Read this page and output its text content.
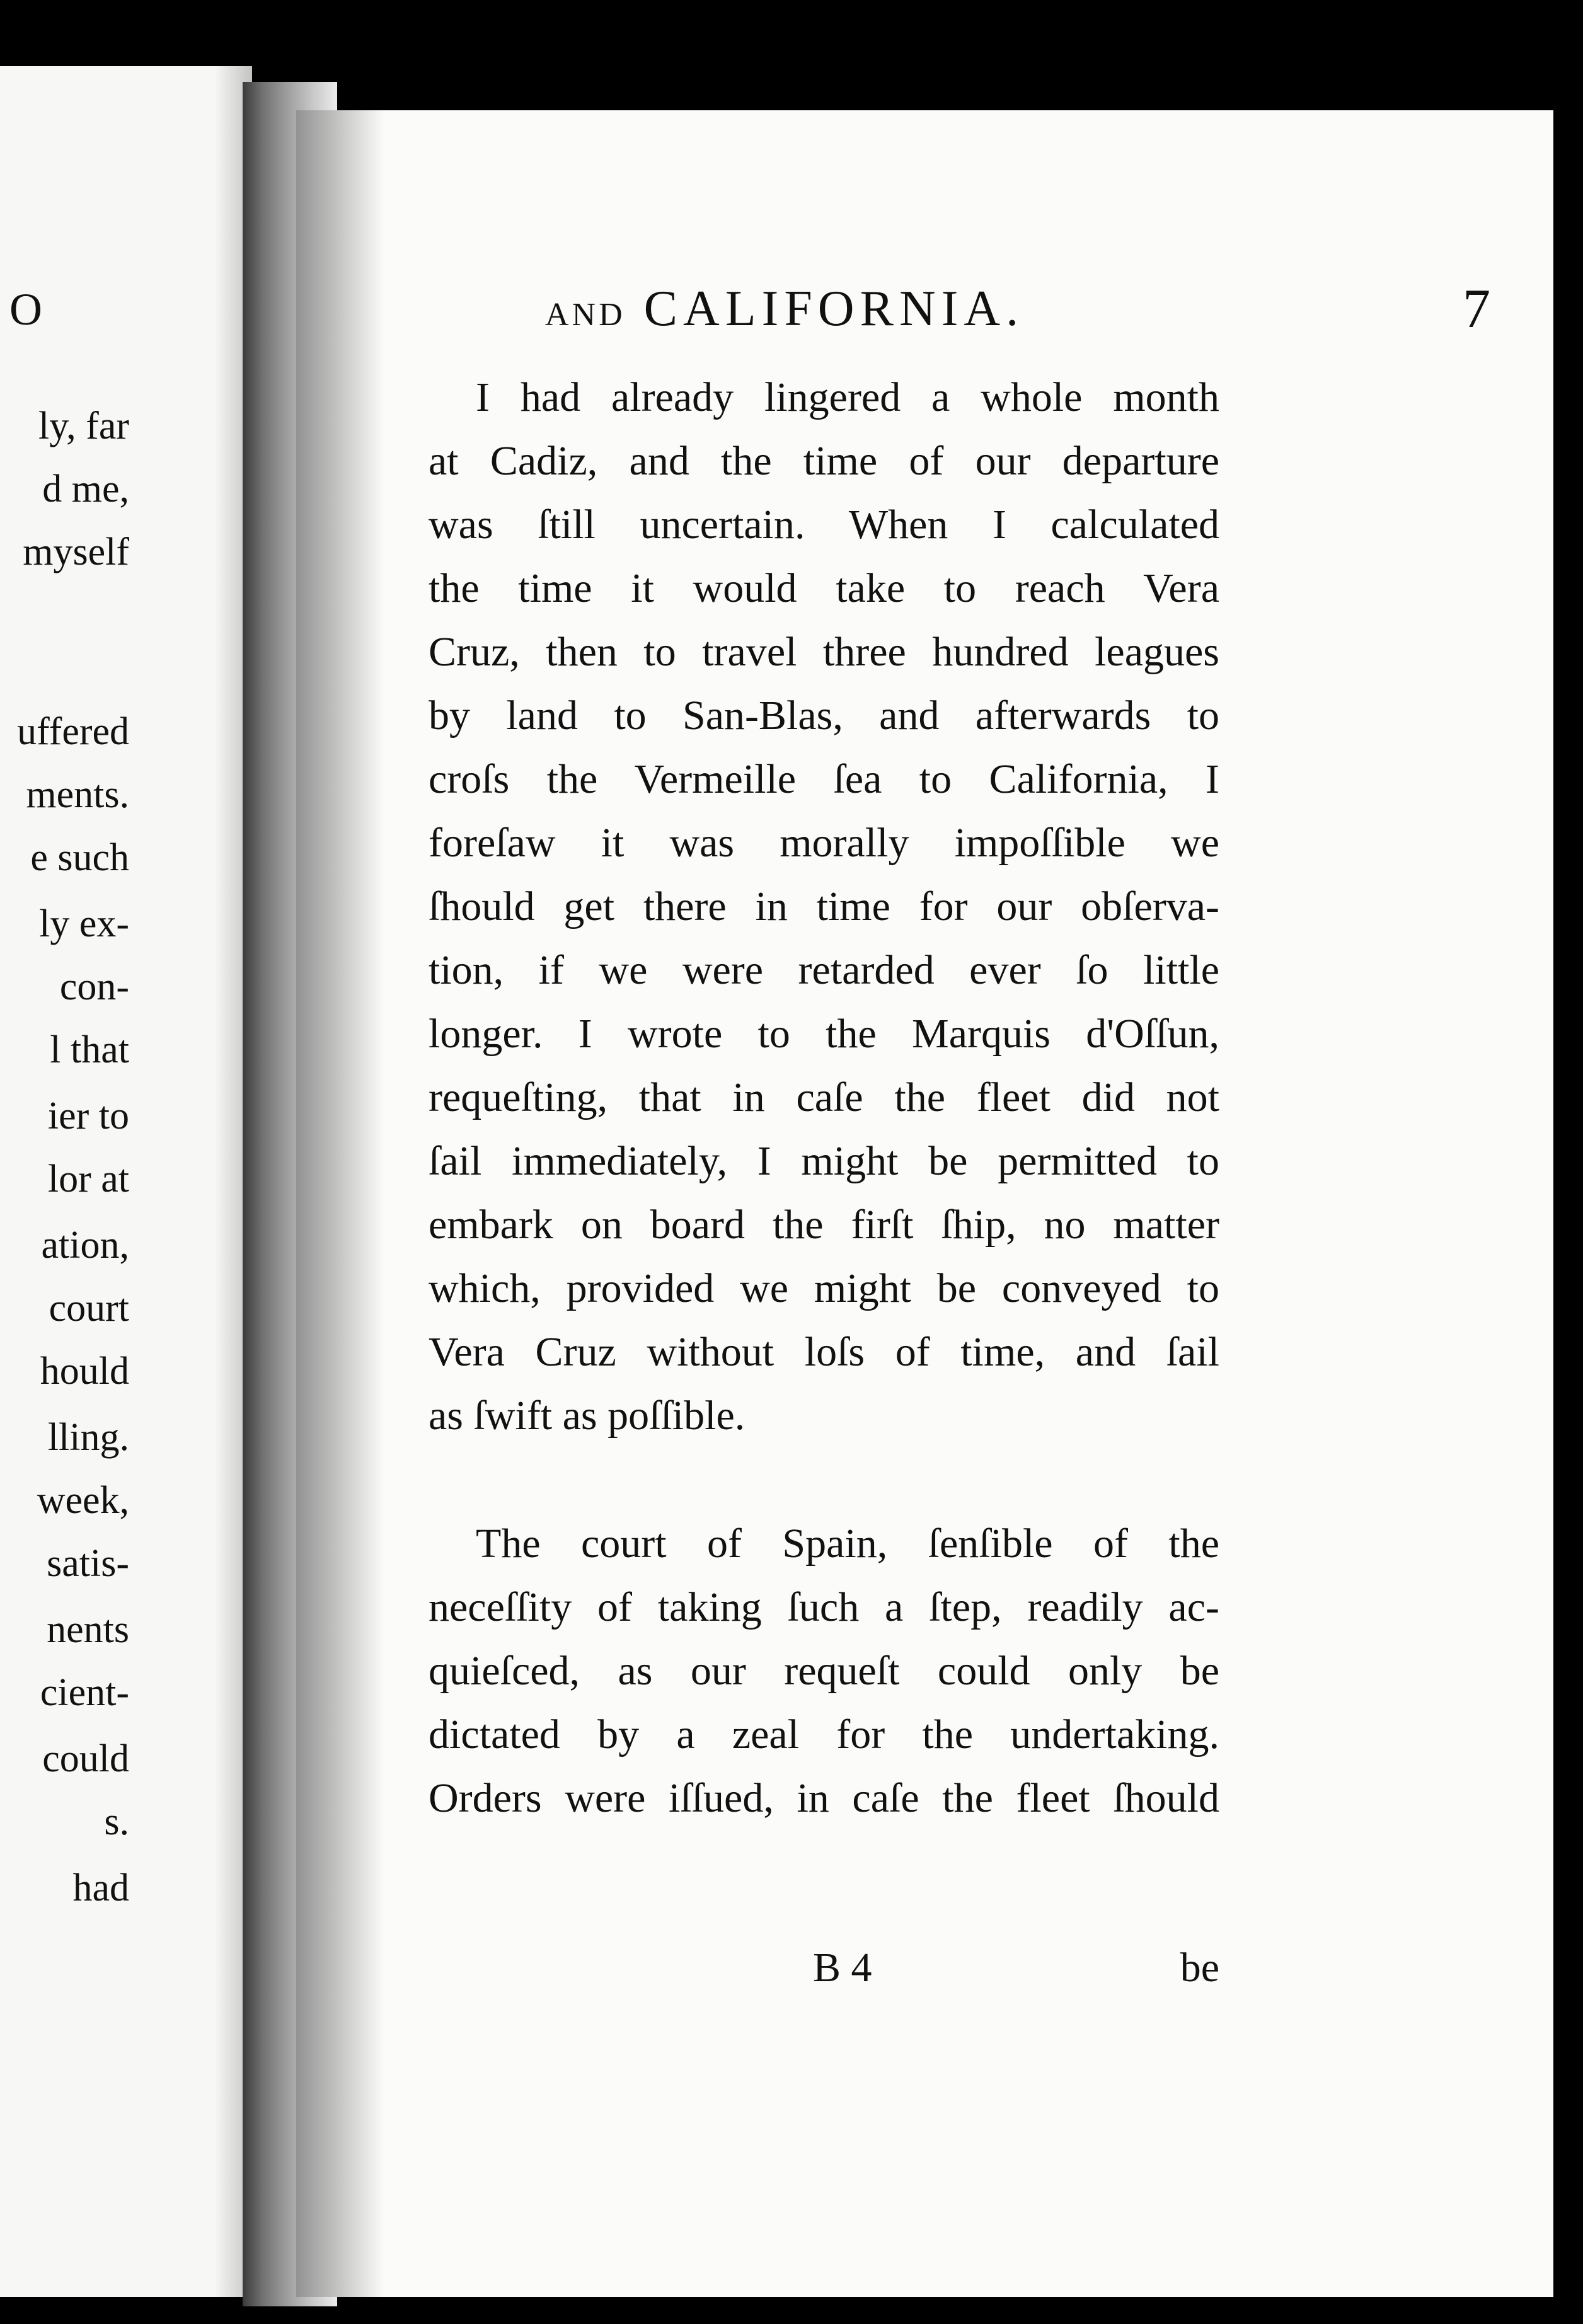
O
ly, far
d me,
myself
uffered
ments.
e such
ly ex-
con-
l that
ier to
lor at
ation,
court
hould
lling.
week,
satis-
nents
cient-
could
s.
had
AND CALIFORNIA.	7
I had already lingered a whole month
at Cadiz, and the time of our departure
was ſtill uncertain. When I calculated
the time it would take to reach Vera
Cruz, then to travel three hundred leagues
by land to San-Blas, and afterwards to
croſs the Vermeille ſea to California, I
foreſaw it was morally impoſſible we
ſhould get there in time for our obſerva-
tion, if we were retarded ever ſo little
longer. I wrote to the Marquis d'Oſſun,
requeſting, that in caſe the fleet did not
ſail immediately, I might be permitted to
embark on board the firſt ſhip, no matter
which, provided we might be conveyed to
Vera Cruz without loſs of time, and ſail
as ſwift as poſſible.
The court of Spain, ſenſible of the
neceſſity of taking ſuch a ſtep, readily ac-
quieſced, as our requeſt could only be
dictated by a zeal for the undertaking.
Orders were iſſued, in caſe the fleet ſhould
B 4	be
